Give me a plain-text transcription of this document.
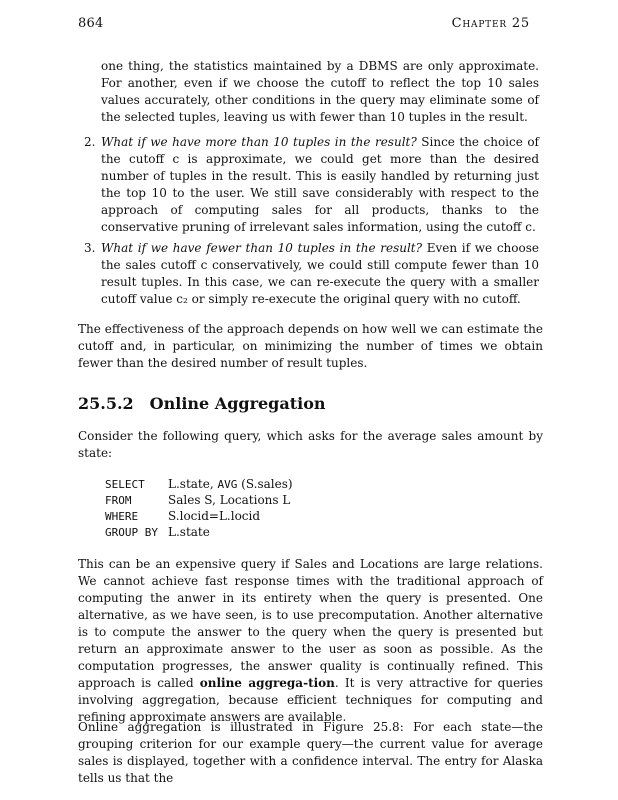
864	Chapter 25
one thing, the statistics maintained by a DBMS are only approximate. For another, even if we choose the cutoff to reflect the top 10 sales values accurately, other conditions in the query may eliminate some of the selected tuples, leaving us with fewer than 10 tuples in the result.
2. What if we have more than 10 tuples in the result? Since the choice of the cutoff c is approximate, we could get more than the desired number of tuples in the result. This is easily handled by returning just the top 10 to the user. We still save considerably with respect to the approach of computing sales for all products, thanks to the conservative pruning of irrelevant sales information, using the cutoff c.
3. What if we have fewer than 10 tuples in the result? Even if we choose the sales cutoff c conservatively, we could still compute fewer than 10 result tuples. In this case, we can re-execute the query with a smaller cutoff value c₂ or simply re-execute the original query with no cutoff.
The effectiveness of the approach depends on how well we can estimate the cutoff and, in particular, on minimizing the number of times we obtain fewer than the desired number of result tuples.
25.5.2 Online Aggregation
Consider the following query, which asks for the average sales amount by state:
SELECT L.state, AVG (S.sales)
FROM	Sales S, Locations L
WHERE S.locid=L.locid
GROUP BY L.state
This can be an expensive query if Sales and Locations are large relations. We cannot achieve fast response times with the traditional approach of computing the anwer in its entirety when the query is presented. One alternative, as we have seen, is to use precomputation. Another alternative is to compute the answer to the query when the query is presented but return an approximate answer to the user as soon as possible. As the computation progresses, the answer quality is continually refined. This approach is called online aggrega-tion. It is very attractive for queries involving aggregation, because efficient techniques for computing and refining approximate answers are available.
Online aggregation is illustrated in Figure 25.8: For each state—the grouping criterion for our example query—the current value for average sales is displayed, together with a confidence interval. The entry for Alaska tells us that the
